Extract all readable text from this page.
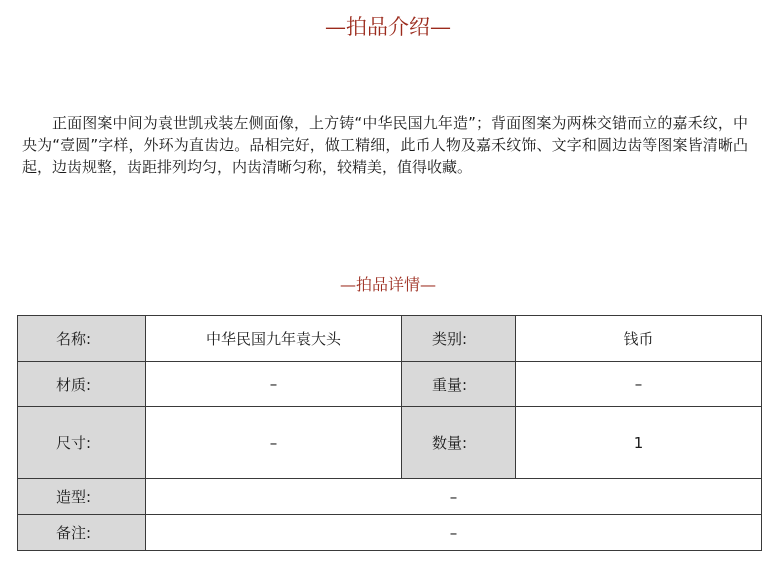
—拍品介绍—

正面图案中间为袁世凯戎装左侧面像，上方铸“中华民国九年造”；背面图案为两株交错而立的嘉禾纹，中央为“壹圆”字样，外环为直齿边。品相完好，做工精细，此币人物及嘉禾纹饰、文字和圆边齿等图案皆清晰凸起，边齿规整，齿距排列均匀，内齿清晰匀称，较精美，值得收藏。

—拍品详情—
名称:	中华民国九年袁大头	类别:	钱币
材质:	–	重量:	–
尺寸:	–	数量:	1
造型:	–		
备注:	–		
